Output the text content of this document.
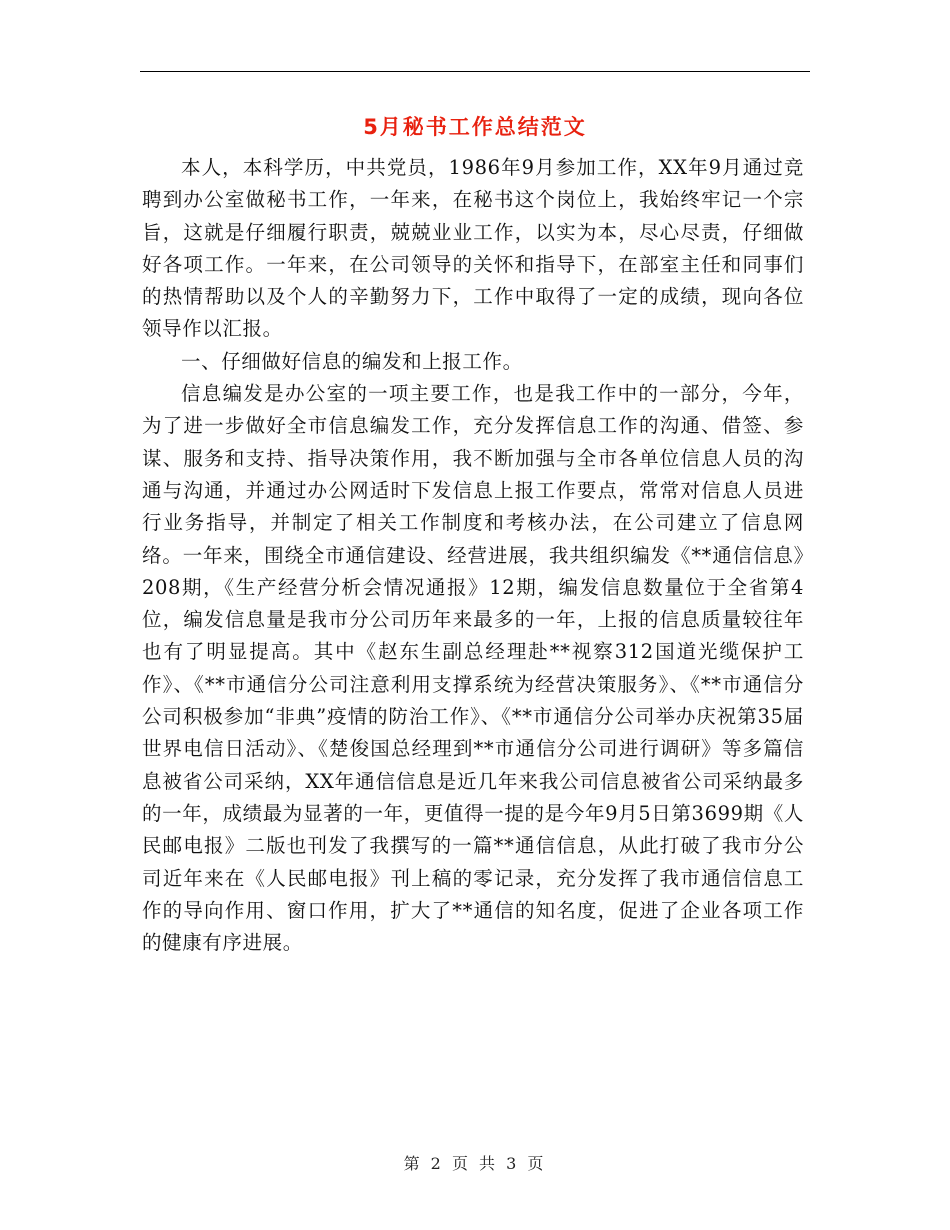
5月秘书工作总结范文

本人，本科学历，中共党员，1986年9月参加工作，XX年9月通过竞聘到办公室做秘书工作，一年来，在秘书这个岗位上，我始终牢记一个宗旨，这就是仔细履行职责，兢兢业业工作，以实为本，尽心尽责，仔细做好各项工作。一年来，在公司领导的关怀和指导下，在部室主任和同事们的热情帮助以及个人的辛勤努力下，工作中取得了一定的成绩，现向各位领导作以汇报。

一、仔细做好信息的编发和上报工作。

信息编发是办公室的一项主要工作，也是我工作中的一部分，今年，为了进一步做好全市信息编发工作，充分发挥信息工作的沟通、借签、参谋、服务和支持、指导决策作用，我不断加强与全市各单位信息人员的沟通与沟通，并通过办公网适时下发信息上报工作要点，常常对信息人员进行业务指导，并制定了相关工作制度和考核办法，在公司建立了信息网络。一年来，围绕全市通信建设、经营进展，我共组织编发《**通信信息》208期，《生产经营分析会情况通报》12期，编发信息数量位于全省第4位，编发信息量是我市分公司历年来最多的一年，上报的信息质量较往年也有了明显提高。其中《赵东生副总经理赴**视察312国道光缆保护工作》、《**市通信分公司注意利用支撑系统为经营决策服务》、《**市通信分公司积极参加“非典”疫情的防治工作》、《**市通信分公司举办庆祝第35届世界电信日活动》、《楚俊国总经理到**市通信分公司进行调研》等多篇信息被省公司采纳，XX年通信信息是近几年来我公司信息被省公司采纳最多的一年，成绩最为显著的一年，更值得一提的是今年9月5日第3699期《人民邮电报》二版也刊发了我撰写的一篇**通信信息，从此打破了我市分公司近年来在《人民邮电报》刊上稿的零记录，充分发挥了我市通信信息工作的导向作用、窗口作用，扩大了**通信的知名度，促进了企业各项工作的健康有序进展。

第 2 页 共 3 页
